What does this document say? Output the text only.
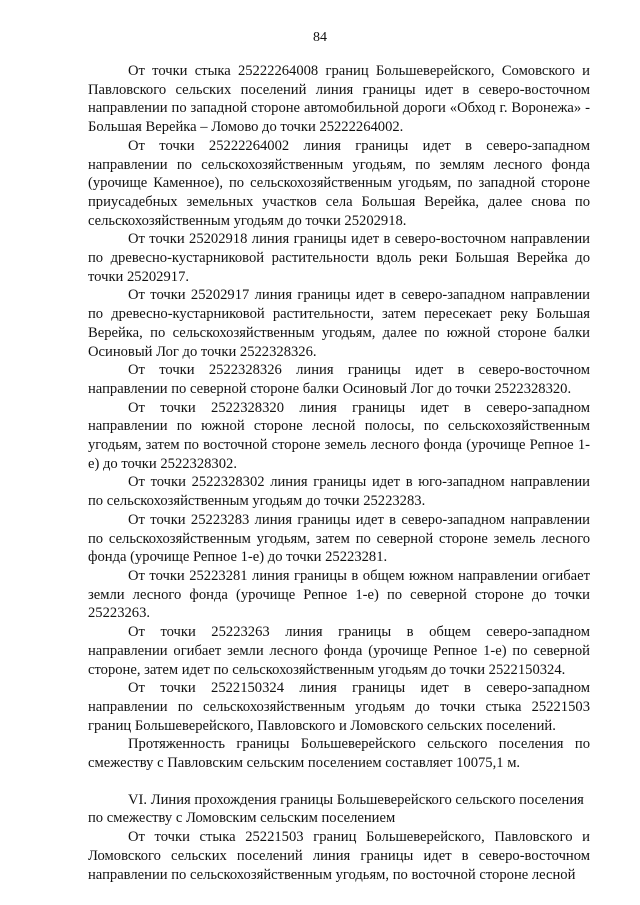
84

От точки стыка 25222264008 границ Большеверейского, Сомовского и Павловского сельских поселений линия границы идет в северо-восточном направлении по западной стороне автомобильной дороги «Обход г. Воронежа» - Большая Верейка – Ломово до точки 25222264002.

От точки 25222264002 линия границы идет в северо-западном направлении по сельскохозяйственным угодьям, по землям лесного фонда (урочище Каменное), по сельскохозяйственным угодьям, по западной стороне приусадебных земельных участков села Большая Верейка, далее снова по сельскохозяйственным угодьям до точки 25202918.

От точки 25202918 линия границы идет в северо-восточном направлении по древесно-кустарниковой растительности вдоль реки Большая Верейка до точки 25202917.

От точки 25202917 линия границы идет в северо-западном направлении по древесно-кустарниковой растительности, затем пересекает реку Большая Верейка, по сельскохозяйственным угодьям, далее по южной стороне балки Осиновый Лог до точки 2522328326.

От точки 2522328326 линия границы идет в северо-восточном направлении по северной стороне балки Осиновый Лог до точки 2522328320.

От точки 2522328320 линия границы идет в северо-западном направлении по южной стороне лесной полосы, по сельскохозяйственным угодьям, затем по восточной стороне земель лесного фонда (урочище Репное 1-е) до точки 2522328302.

От точки 2522328302 линия границы идет в юго-западном направлении по сельскохозяйственным угодьям до точки 25223283.

От точки 25223283 линия границы идет в северо-западном направлении по сельскохозяйственным угодьям, затем по северной стороне земель лесного фонда (урочище Репное 1-е) до точки 25223281.

От точки 25223281 линия границы в общем южном направлении огибает земли лесного фонда (урочище Репное 1-е) по северной стороне до точки 25223263.

От точки 25223263 линия границы в общем северо-западном направлении огибает земли лесного фонда (урочище Репное 1-е) по северной стороне, затем идет по сельскохозяйственным угодьям до точки 2522150324.

От точки 2522150324 линия границы идет в северо-западном направлении по сельскохозяйственным угодьям до точки стыка 25221503 границ Большеверейского, Павловского и Ломовского сельских поселений.

Протяженность границы Большеверейского сельского поселения по смежеству с Павловским сельским поселением составляет 10075,1 м.

VI. Линия прохождения границы Большеверейского сельского поселения по смежеству с Ломовским сельским поселением

От точки стыка 25221503 границ Большеверейского, Павловского и Ломовского сельских поселений линия границы идет в северо-восточном направлении по сельскохозяйственным угодьям, по восточной стороне лесной
